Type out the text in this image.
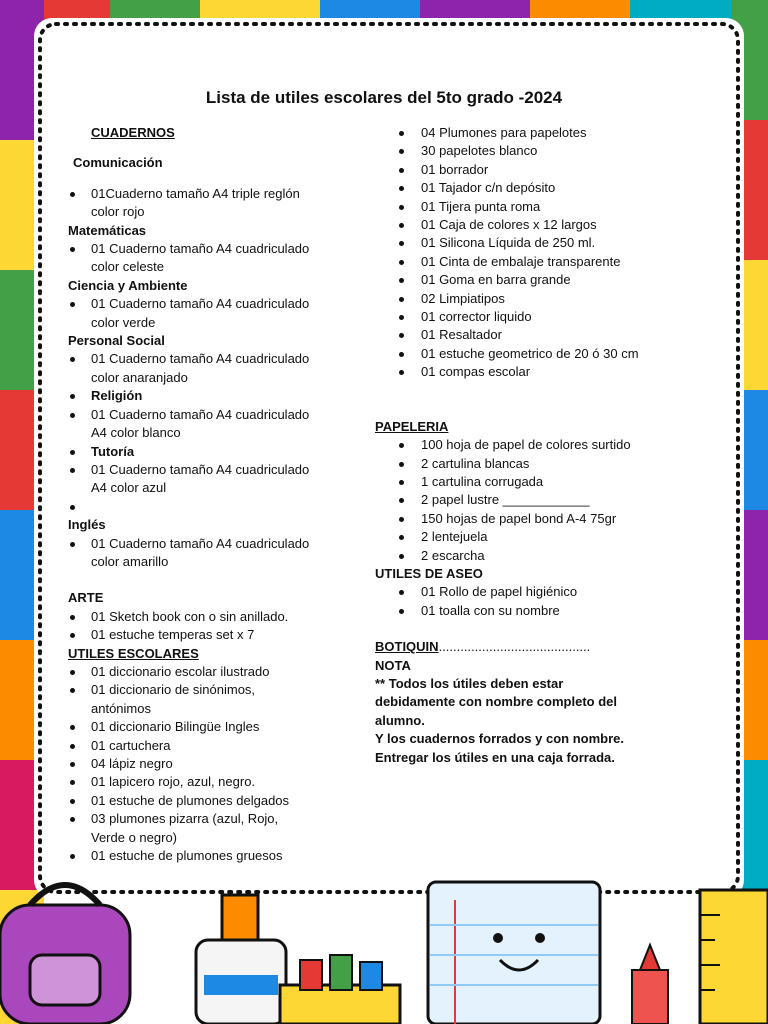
Lista de utiles escolares del 5to grado -2024
CUADERNOS
Comunicación
01Cuaderno tamaño A4 triple reglón
color rojo
Matemáticas
01 Cuaderno tamaño A4 cuadriculado
color celeste
Ciencia y Ambiente
01 Cuaderno tamaño A4 cuadriculado
color verde
Personal Social
01 Cuaderno tamaño A4 cuadriculado
color anaranjado
Religión
01 Cuaderno tamaño A4 cuadriculado
A4 color blanco
Tutoría
01 Cuaderno tamaño A4 cuadriculado
A4 color azul
Inglés
01 Cuaderno tamaño A4 cuadriculado
color amarillo
ARTE
01 Sketch book con o sin anillado.
01 estuche temperas set x 7
UTILES ESCOLARES
01 diccionario escolar ilustrado
01 diccionario de sinónimos,
antónimos
01 diccionario Bilingüe Ingles
01 cartuchera
04 lápiz negro
01 lapicero rojo, azul, negro.
01 estuche de plumones delgados
03 plumones pizarra (azul, Rojo,
Verde o negro)
01 estuche de plumones gruesos
04 Plumones para papelotes
30 papelotes blanco
01 borrador
01 Tajador c/n depósito
01 Tijera punta roma
01 Caja de colores x 12 largos
01 Silicona Líquida de 250 ml.
01 Cinta de embalaje transparente
01 Goma en barra grande
02 Limpiatipos
01 corrector liquido
01 Resaltador
01 estuche geometrico de 20 ó 30 cm
01 compas escolar
PAPELERIA
100 hoja de papel de colores surtido
2 cartulina blancas
1 cartulina corrugada
2 papel lustre ____________
150 hojas de papel bond A-4 75gr
2 lentejuela
2 escarcha
UTILES DE ASEO
01 Rollo de papel higiénico
01 toalla con su nombre
BOTIQUIN..........................................
NOTA
** Todos los útiles deben estar
debidamente con nombre completo del
alumno.
Y los cuadernos forrados y con nombre.
Entregar los útiles en una caja forrada.
